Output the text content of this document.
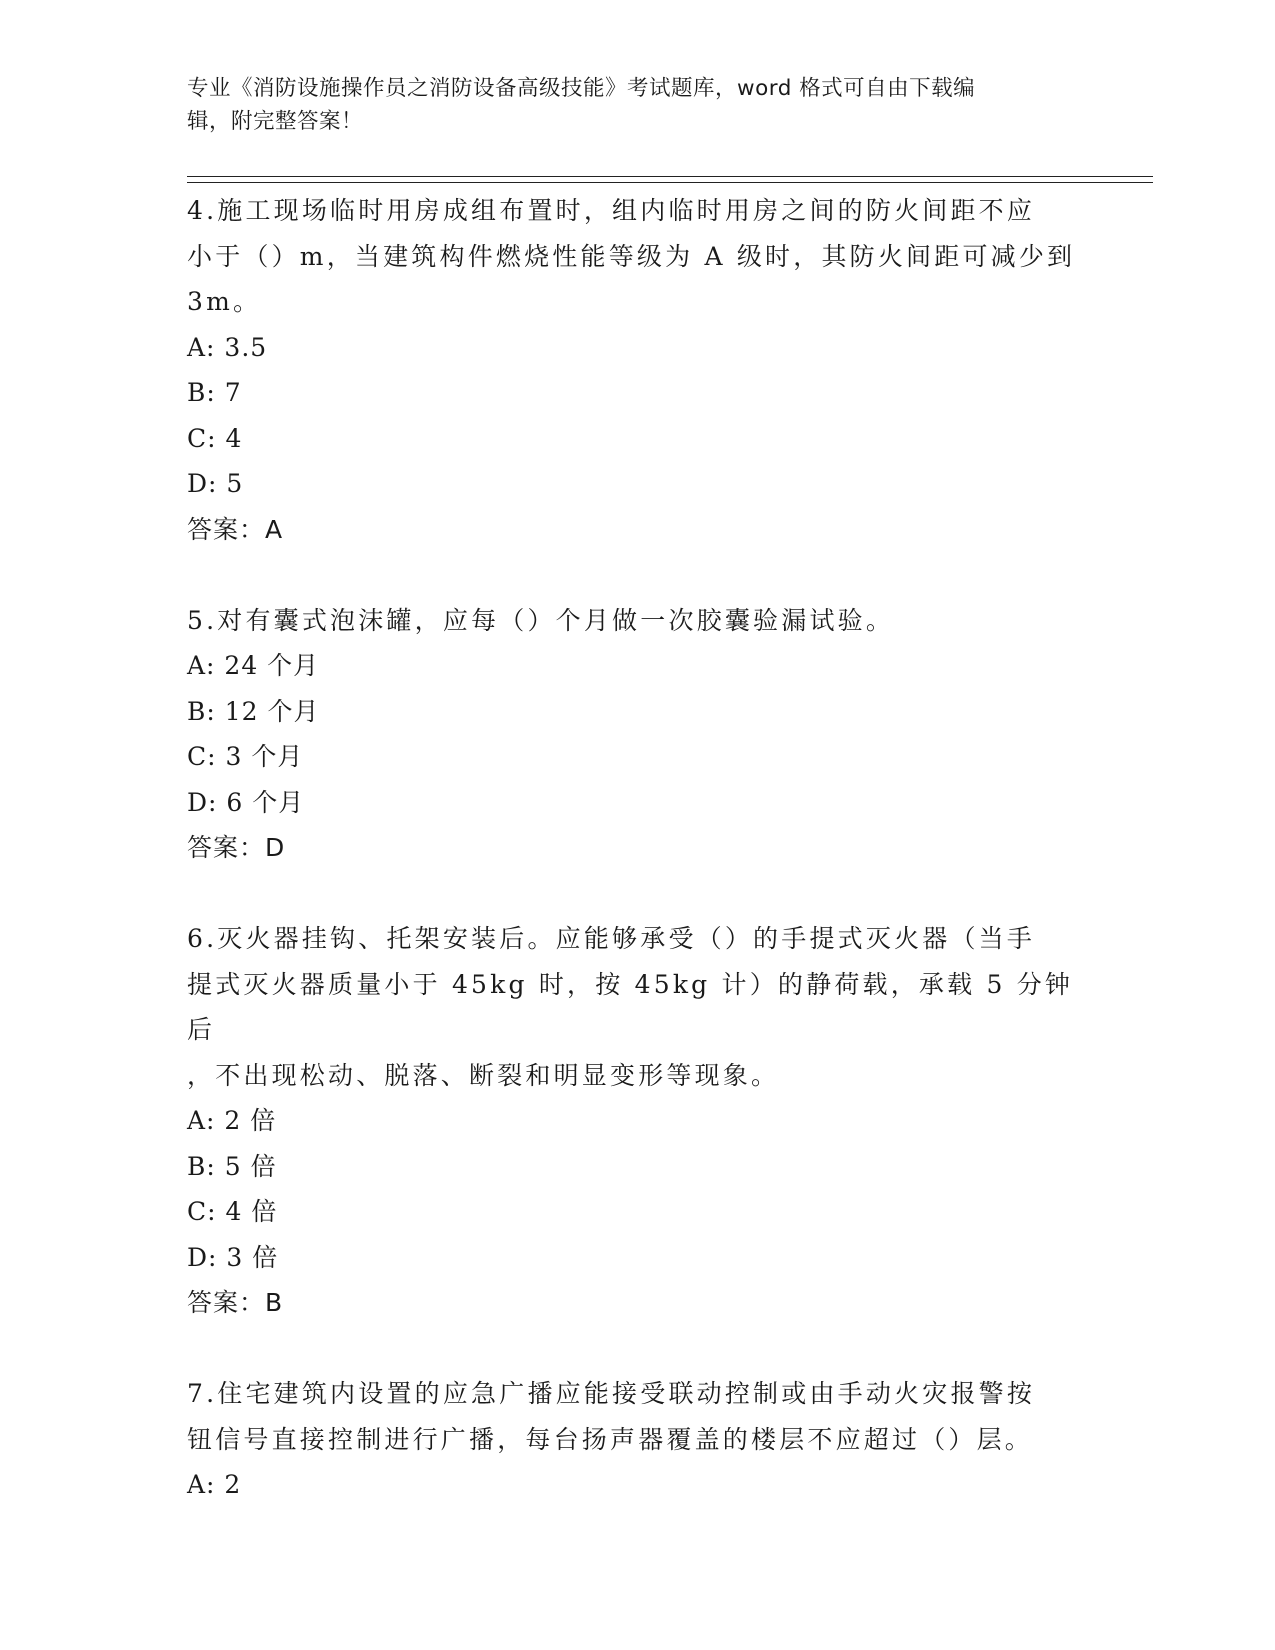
专业《消防设施操作员之消防设备高级技能》考试题库，word 格式可自由下载编
辑，附完整答案！
4.施工现场临时用房成组布置时，组内临时用房之间的防火间距不应
小于（）m，当建筑构件燃烧性能等级为 A 级时，其防火间距可减少到
3m。
A: 3.5
B: 7
C: 4
D: 5
答案：A
5.对有囊式泡沫罐，应每（）个月做一次胶囊验漏试验。
A: 24 个月
B: 12 个月
C: 3 个月
D: 6 个月
答案：D
6.灭火器挂钩、托架安装后。应能够承受（）的手提式灭火器（当手
提式灭火器质量小于 45kg 时，按 45kg 计）的静荷载，承载 5 分钟后
，不出现松动、脱落、断裂和明显变形等现象。
A: 2 倍
B: 5 倍
C: 4 倍
D: 3 倍
答案：B
7.住宅建筑内设置的应急广播应能接受联动控制或由手动火灾报警按
钮信号直接控制进行广播，每台扬声器覆盖的楼层不应超过（）层。
A: 2
